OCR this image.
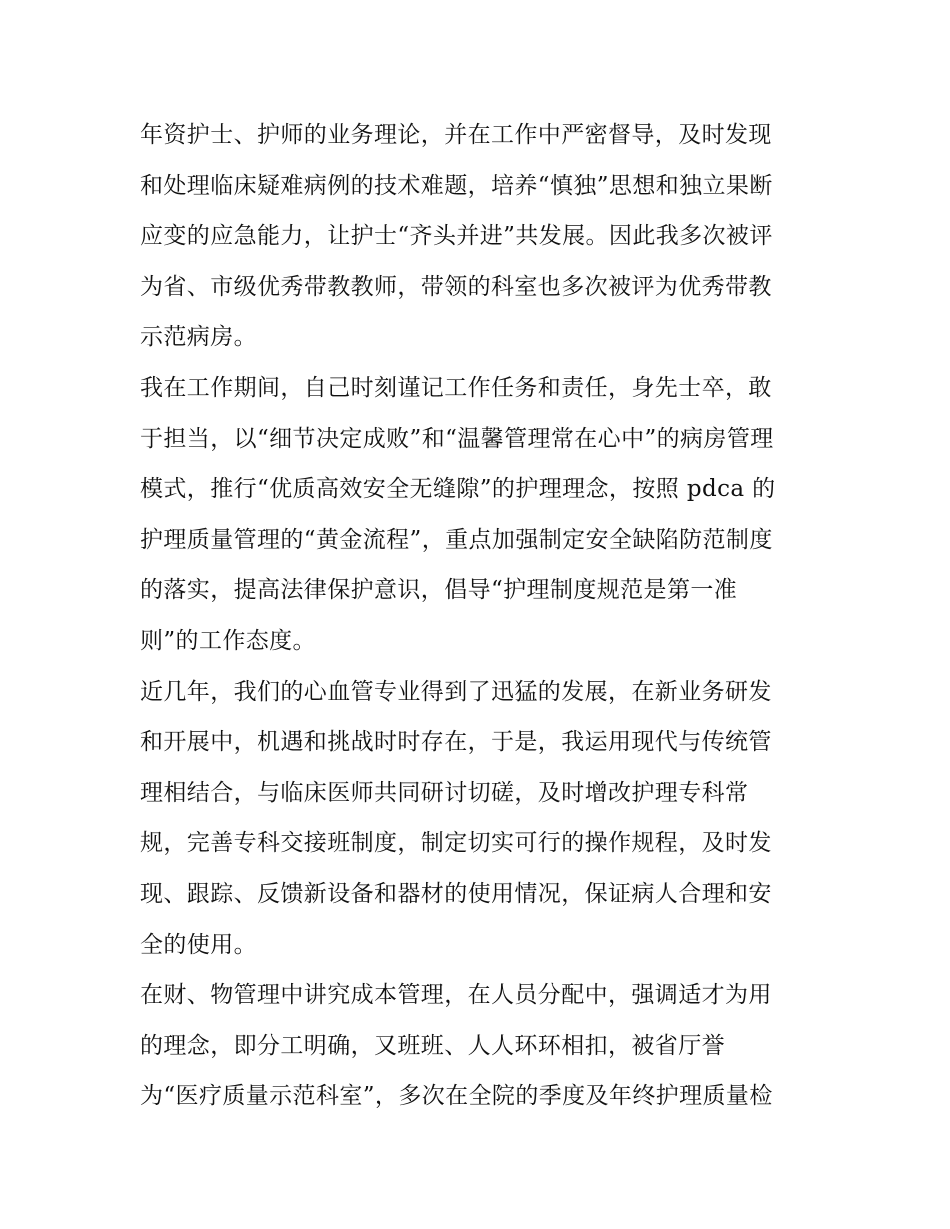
年资护士、护师的业务理论，并在工作中严密督导，及时发现
和处理临床疑难病例的技术难题，培养“慎独”思想和独立果断
应变的应急能力，让护士“齐头并进”共发展。因此我多次被评
为省、市级优秀带教教师，带领的科室也多次被评为优秀带教
示范病房。
我在工作期间，自己时刻谨记工作任务和责任，身先士卒，敢
于担当，以“细节决定成败”和“温馨管理常在心中”的病房管理
模式，推行“优质高效安全无缝隙”的护理理念，按照 pdca 的
护理质量管理的“黄金流程”，重点加强制定安全缺陷防范制度
的落实，提高法律保护意识，倡导“护理制度规范是第一准
则”的工作态度。
近几年，我们的心血管专业得到了迅猛的发展，在新业务研发
和开展中，机遇和挑战时时存在，于是，我运用现代与传统管
理相结合，与临床医师共同研讨切磋，及时增改护理专科常
规，完善专科交接班制度，制定切实可行的操作规程，及时发
现、跟踪、反馈新设备和器材的使用情况，保证病人合理和安
全的使用。
在财、物管理中讲究成本管理，在人员分配中，强调适才为用
的理念，即分工明确，又班班、人人环环相扣，被省厅誉
为“医疗质量示范科室”，多次在全院的季度及年终护理质量检
